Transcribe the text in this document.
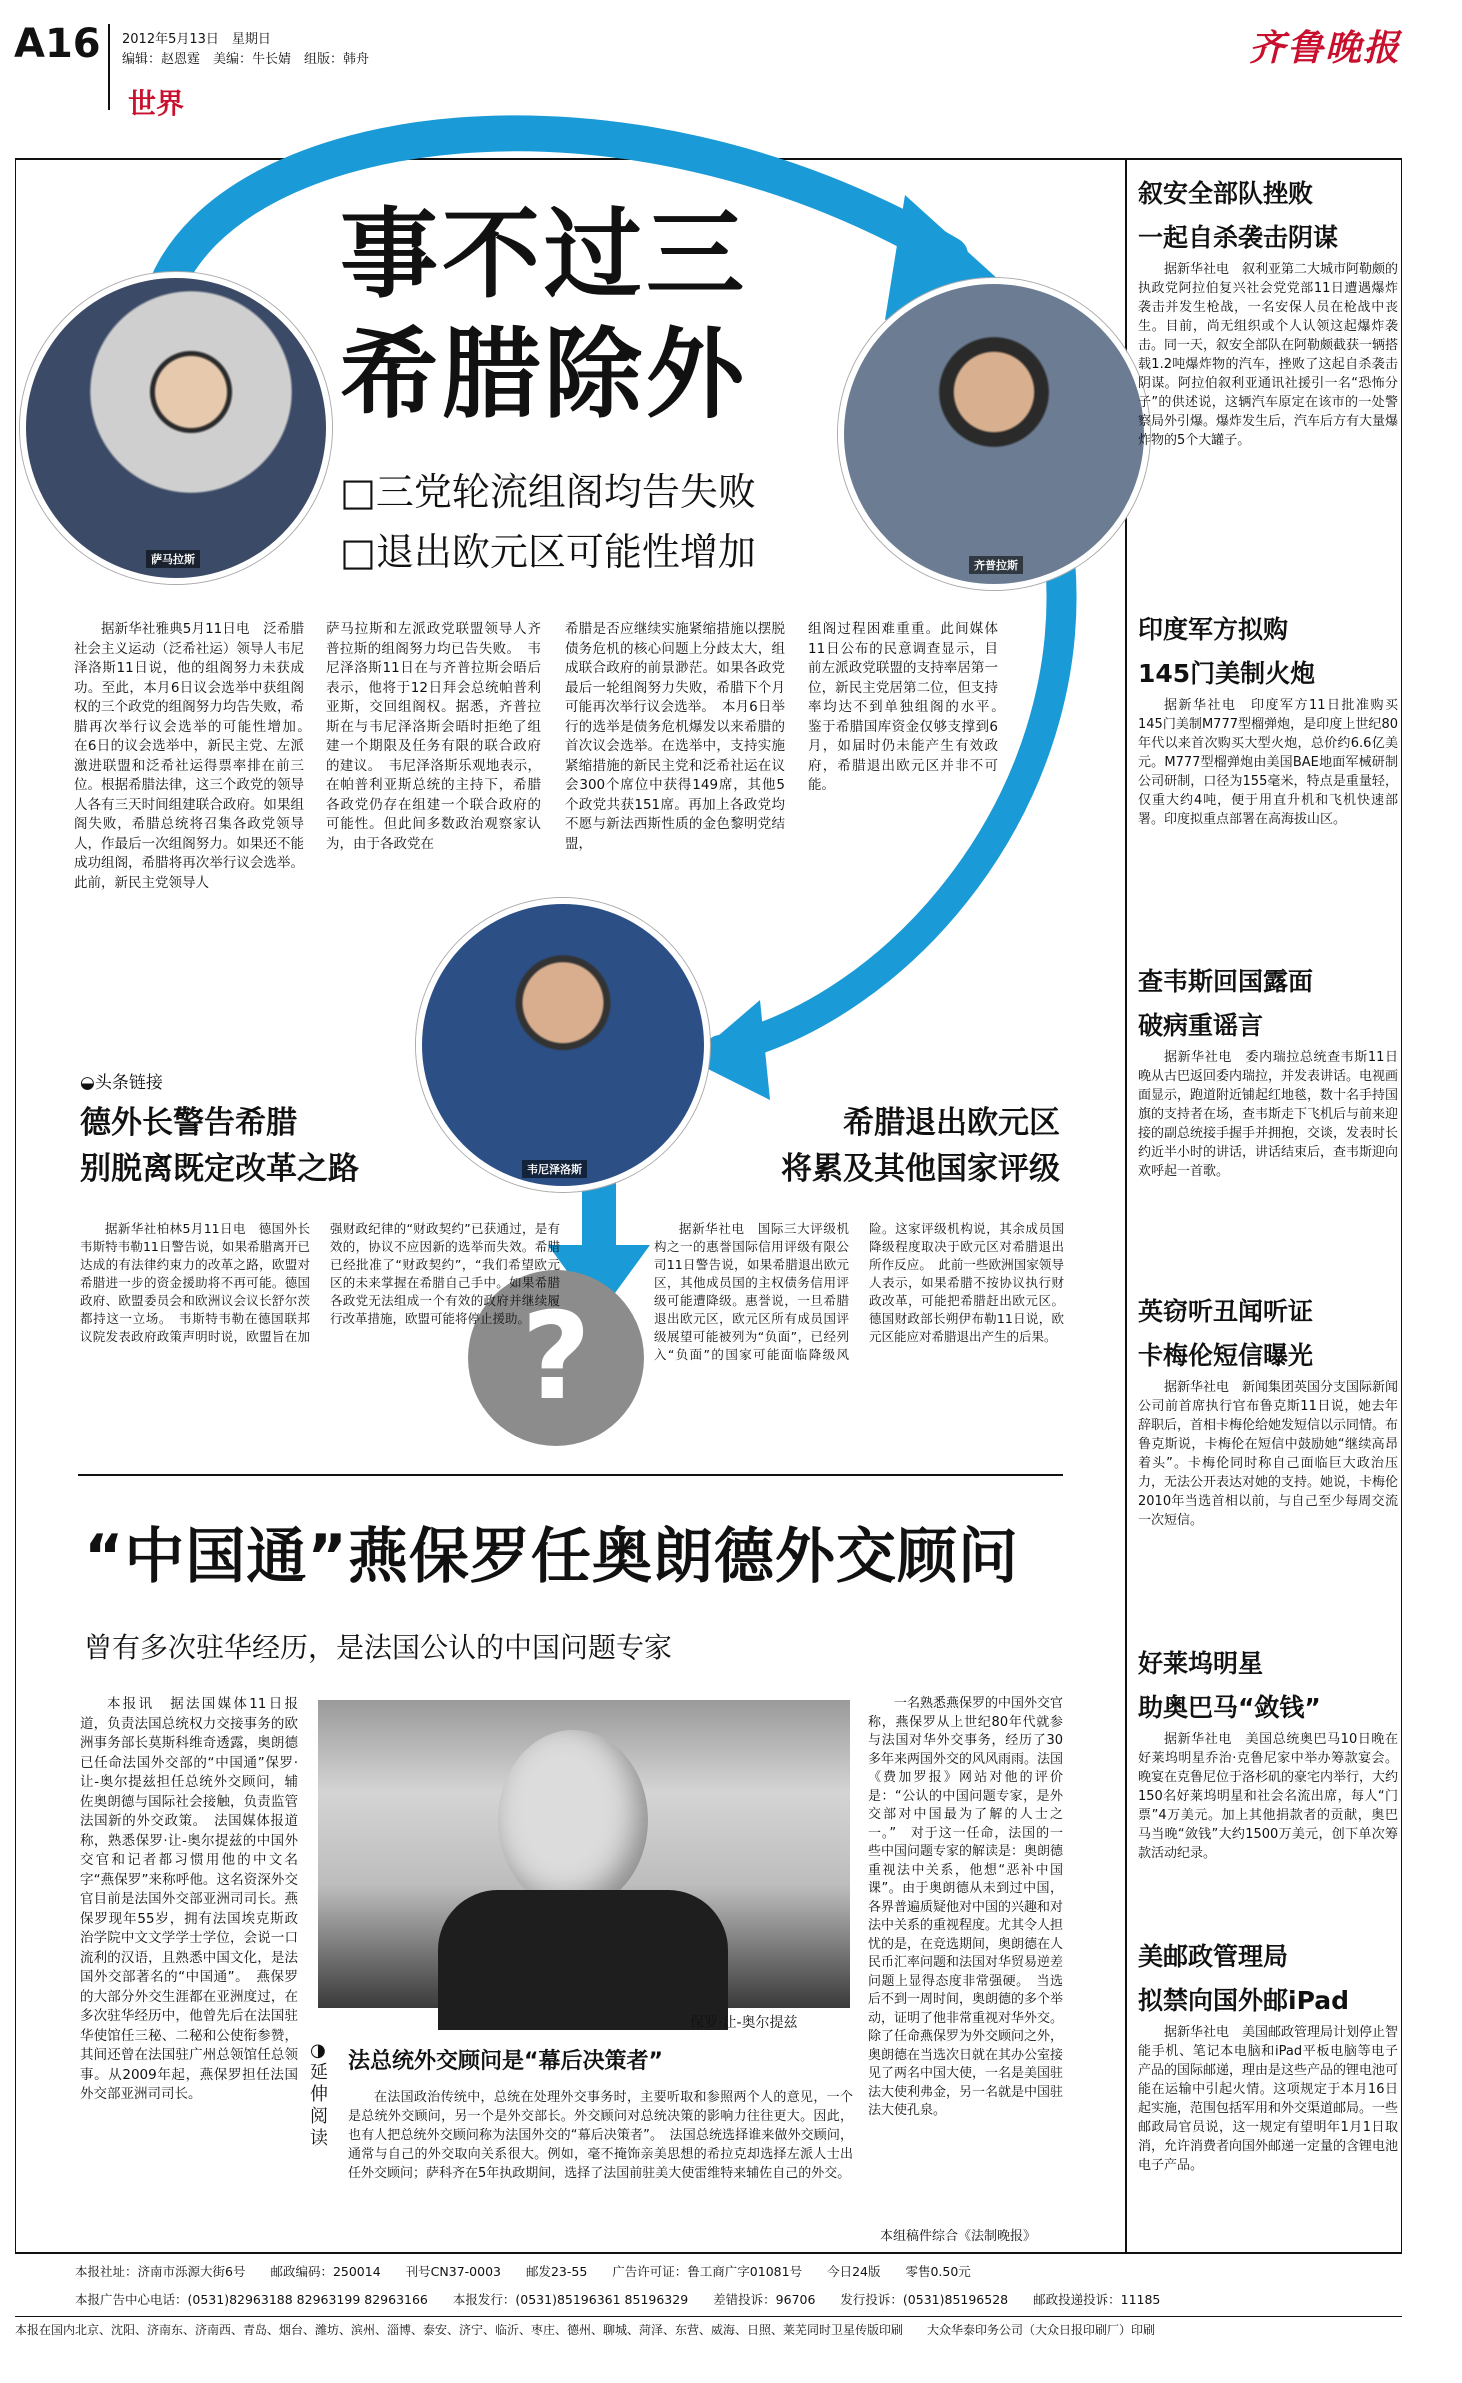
A16 2012年5月13日　星期日
编辑：赵恩霆　美编：牛长婧　组版：韩舟
世界
齐鲁晚报
事不过三
希腊除外
□三党轮流组阁均告失败
□退出欧元区可能性增加
萨马拉斯	齐普拉斯
韦尼泽洛斯
?
据新华社雅典5月11日电　泛希腊社会主义运动（泛希社运）领导人韦尼泽洛斯11日说，他的组阁努力未获成功。至此，本月6日议会选举中获组阁权的三个政党的组阁努力均告失败，希腊再次举行议会选举的可能性增加。　在6日的议会选举中，新民主党、左派激进联盟和泛希社运得票率排在前三位。根据希腊法律，这三个政党的领导人各有三天时间组建联合政府。如果组阁失败，希腊总统将召集各政党领导人，作最后一次组阁努力。如果还不能成功组阁，希腊将再次举行议会选举。此前，新民主党领导人
萨马拉斯和左派政党联盟领导人齐普拉斯的组阁努力均已告失败。　韦尼泽洛斯11日在与齐普拉斯会晤后表示，他将于12日拜会总统帕普利亚斯，交回组阁权。据悉，齐普拉斯在与韦尼泽洛斯会晤时拒绝了组建一个期限及任务有限的联合政府的建议。　韦尼泽洛斯乐观地表示，在帕普利亚斯总统的主持下，希腊各政党仍存在组建一个联合政府的可能性。但此间多数政治观察家认为，由于各政党在
希腊是否应继续实施紧缩措施以摆脱债务危机的核心问题上分歧太大，组成联合政府的前景渺茫。如果各政党最后一轮组阁努力失败，希腊下个月可能再次举行议会选举。　本月6日举行的选举是债务危机爆发以来希腊的首次议会选举。在选举中，支持实施紧缩措施的新民主党和泛希社运在议会300个席位中获得149席，其他5个政党共获151席。再加上各政党均不愿与新法西斯性质的金色黎明党结盟，
组阁过程困难重重。此间媒体11日公布的民意调查显示，目前左派政党联盟的支持率居第一位，新民主党居第二位，但支持率均达不到单独组阁的水平。　鉴于希腊国库资金仅够支撑到6月，如届时仍未能产生有效政府，希腊退出欧元区并非不可能。
◒头条链接
德外长警告希腊
别脱离既定改革之路
据新华社柏林5月11日电　德国外长韦斯特韦勒11日警告说，如果希腊离开已达成的有法律约束力的改革之路，欧盟对希腊进一步的资金援助将不再可能。德国政府、欧盟委员会和欧洲议会议长舒尔茨都持这一立场。　韦斯特韦勒在德国联邦议院发表政府政策声明时说，欧盟旨在加强财政纪律的“财政契约”已获通过，是有效的，协议不应因新的选举而失效。希腊已经批准了“财政契约”，“我们希望欧元区的未来掌握在希腊自己手中。如果希腊各政党无法组成一个有效的政府并继续履行改革措施，欧盟可能将停止援助。
希腊退出欧元区
将累及其他国家评级
据新华社电　国际三大评级机构之一的惠誉国际信用评级有限公司11日警告说，如果希腊退出欧元区，其他成员国的主权债务信用评级可能遭降级。惠誉说，一旦希腊退出欧元区，欧元区所有成员国评级展望可能被列为“负面”，已经列入“负面”的国家可能面临降级风险。这家评级机构说，其余成员国降级程度取决于欧元区对希腊退出所作反应。　此前一些欧洲国家领导人表示，如果希腊不按协议执行财政改革，可能把希腊赶出欧元区。德国财政部长朔伊布勒11日说，欧元区能应对希腊退出产生的后果。
“中国通”燕保罗任奥朗德外交顾问
曾有多次驻华经历，是法国公认的中国问题专家
本报讯　据法国媒体11日报道，负责法国总统权力交接事务的欧洲事务部长莫斯科维奇透露，奥朗德已任命法国外交部的“中国通”保罗·让-奥尔提兹担任总统外交顾问，辅佐奥朗德与国际社会接触，负责监管法国新的外交政策。　法国媒体报道称，熟悉保罗·让-奥尔提兹的中国外交官和记者都习惯用他的中文名字“燕保罗”来称呼他。这名资深外交官目前是法国外交部亚洲司司长。燕保罗现年55岁，拥有法国埃克斯政治学院中文文学学士学位，会说一口流利的汉语，且熟悉中国文化，是法国外交部著名的“中国通”。　燕保罗的大部分外交生涯都在亚洲度过，在多次驻华经历中，他曾先后在法国驻华使馆任三秘、二秘和公使衔参赞，其间还曾在法国驻广州总领馆任总领事。从2009年起，燕保罗担任法国外交部亚洲司司长。
保罗·让-奥尔提兹
一名熟悉燕保罗的中国外交官称，燕保罗从上世纪80年代就参与法国对华外交事务，经历了30多年来两国外交的风风雨雨。法国《费加罗报》网站对他的评价是：“公认的中国问题专家，是外交部对中国最为了解的人士之一。”　对于这一任命，法国的一些中国问题专家的解读是：奥朗德重视法中关系，他想“恶补中国课”。由于奥朗德从未到过中国，各界普遍质疑他对中国的兴趣和对法中关系的重视程度。尤其令人担忧的是，在竞选期间，奥朗德在人民币汇率问题和法国对华贸易逆差问题上显得态度非常强硬。　当选后不到一周时间，奥朗德的多个举动，证明了他非常重视对华外交。除了任命燕保罗为外交顾问之外，奥朗德在当选次日就在其办公室接见了两名中国大使，一名是美国驻法大使利弗金，另一名就是中国驻法大使孔泉。
本组稿件综合《法制晚报》
◑延伸阅读
法总统外交顾问是“幕后决策者”
在法国政治传统中，总统在处理外交事务时，主要听取和参照两个人的意见，一个是总统外交顾问，另一个是外交部长。外交顾问对总统决策的影响力往往更大。因此，也有人把总统外交顾问称为法国外交的“幕后决策者”。　法国总统选择谁来做外交顾问，通常与自己的外交取向关系很大。例如，毫不掩饰亲美思想的希拉克却选择左派人士出任外交顾问；萨科齐在5年执政期间，选择了法国前驻美大使雷维特来辅佐自己的外交。
叙安全部队挫败
一起自杀袭击阴谋

据新华社电　叙利亚第二大城市阿勒颇的执政党阿拉伯复兴社会党党部11日遭遇爆炸袭击并发生枪战，一名安保人员在枪战中丧生。目前，尚无组织或个人认领这起爆炸袭击。同一天，叙安全部队在阿勒颇截获一辆搭载1.2吨爆炸物的汽车，挫败了这起自杀袭击阴谋。阿拉伯叙利亚通讯社援引一名“恐怖分子”的供述说，这辆汽车原定在该市的一处警察局外引爆。爆炸发生后，汽车后方有大量爆炸物的5个大罐子。

印度军方拟购
145门美制火炮

据新华社电　印度军方11日批准购买145门美制M777型榴弹炮，是印度上世纪80年代以来首次购买大型火炮，总价约6.6亿美元。M777型榴弹炮由美国BAE地面军械研制公司研制，口径为155毫米，特点是重量轻，仅重大约4吨，便于用直升机和飞机快速部署。印度拟重点部署在高海拔山区。

查韦斯回国露面
破病重谣言

据新华社电　委内瑞拉总统查韦斯11日晚从古巴返回委内瑞拉，并发表讲话。电视画面显示，跑道附近铺起红地毯，数十名手持国旗的支持者在场，查韦斯走下飞机后与前来迎接的副总统接手握手并拥抱，交谈，发表时长约近半小时的讲话，讲话结束后，查韦斯迎向欢呼起一首歌。

英窃听丑闻听证
卡梅伦短信曝光

据新华社电　新闻集团英国分支国际新闻公司前首席执行官布鲁克斯11日说，她去年辞职后，首相卡梅伦给她发短信以示同情。布鲁克斯说，卡梅伦在短信中鼓励她“继续高昂着头”。卡梅伦同时称自己面临巨大政治压力，无法公开表达对她的支持。她说，卡梅伦2010年当选首相以前，与自己至少每周交流一次短信。

好莱坞明星
助奥巴马“敛钱”

据新华社电　美国总统奥巴马10日晚在好莱坞明星乔治·克鲁尼家中举办筹款宴会。晚宴在克鲁尼位于洛杉矶的豪宅内举行，大约150名好莱坞明星和社会名流出席，每人“门票”4万美元。加上其他捐款者的贡献，奥巴马当晚“敛钱”大约1500万美元，创下单次筹款活动纪录。

美邮政管理局
拟禁向国外邮iPad

据新华社电　美国邮政管理局计划停止智能手机、笔记本电脑和iPad平板电脑等电子产品的国际邮递，理由是这些产品的锂电池可能在运输中引起火情。这项规定于本月16日起实施，范围包括军用和外交渠道邮局。一些邮政局官员说，这一规定有望明年1月1日取消，允许消费者向国外邮递一定量的含锂电池电子产品。

本报社址：济南市泺源大街6号　　邮政编码：250014　　刊号CN37-0003　　邮发23-55　　广告许可证：鲁工商广字01081号　　今日24版　　零售0.50元
本报广告中心电话：(0531)82963188 82963199 82963166　　本报发行：(0531)85196361 85196329　　差错投诉：96706　　发行投诉：(0531)85196528　　邮政投递投诉：11185
本报在国内北京、沈阳、济南东、济南西、青岛、烟台、潍坊、滨州、淄博、泰安、济宁、临沂、枣庄、德州、聊城、菏泽、东营、威海、日照、莱芜同时卫星传版印刷　　大众华泰印务公司（大众日报印刷厂）印刷
